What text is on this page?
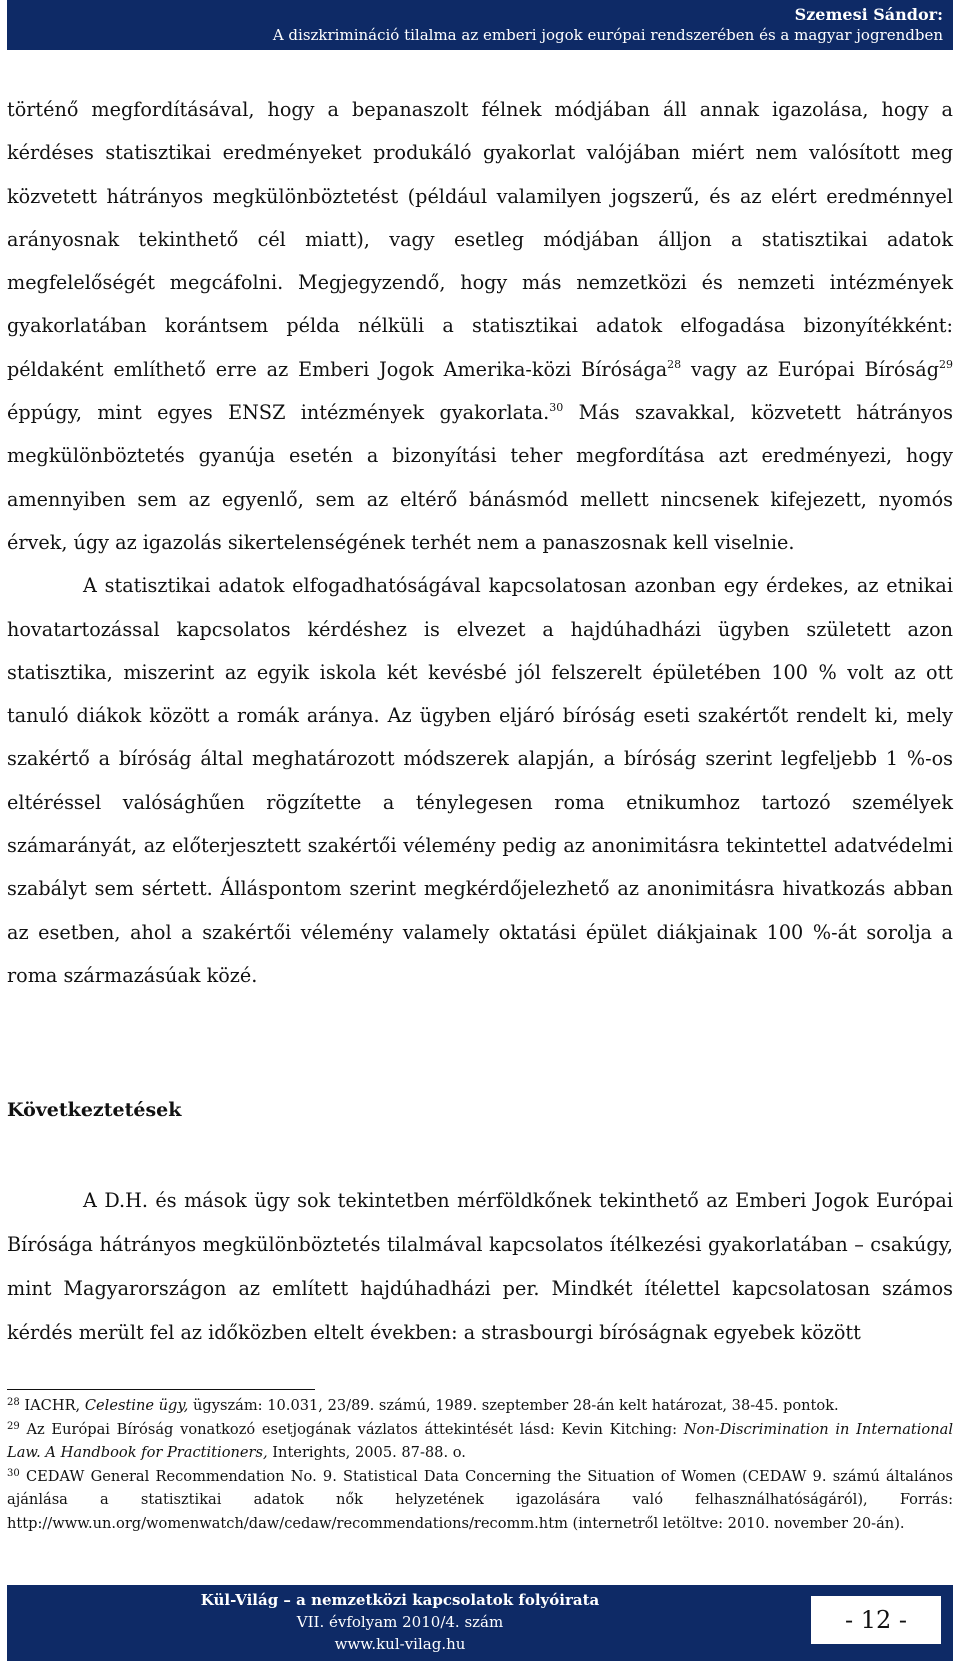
Szemesi Sándor:
A diszkrimináció tilalma az emberi jogok európai rendszerében és a magyar jogrendben

történő megfordításával, hogy a bepanaszolt félnek módjában áll annak igazolása, hogy a kérdéses statisztikai eredményeket produkáló gyakorlat valójában miért nem valósított meg közvetett hátrányos megkülönböztetést (például valamilyen jogszerű, és az elért eredménnyel arányosnak tekinthető cél miatt), vagy esetleg módjában álljon a statisztikai adatok megfelelőségét megcáfolni. Megjegyzendő, hogy más nemzetközi és nemzeti intézmények gyakorlatában korántsem példa nélküli a statisztikai adatok elfogadása bizonyítékként: példaként említhető erre az Emberi Jogok Amerika-közi Bírósága$^{28}$ vagy az Európai Bíróság$^{29}$ éppúgy, mint egyes ENSZ intézmények gyakorlata.$^{30}$ Más szavakkal, közvetett hátrányos megkülönböztetés gyanúja esetén a bizonyítási teher megfordítása azt eredményezi, hogy amennyiben sem az egyenlő, sem az eltérő bánásmód mellett nincsenek kifejezett, nyomós érvek, úgy az igazolás sikertelenségének terhét nem a panaszosnak kell viselnie.

A statisztikai adatok elfogadhatóságával kapcsolatosan azonban egy érdekes, az etnikai hovatartozással kapcsolatos kérdéshez is elvezet a hajdúhadházi ügyben született azon statisztika, miszerint az egyik iskola két kevésbé jól felszerelt épületében 100 % volt az ott tanuló diákok között a romák aránya. Az ügyben eljáró bíróság eseti szakértőt rendelt ki, mely szakértő a bíróság által meghatározott módszerek alapján, a bíróság szerint legfeljebb 1 %-os eltéréssel valósághűen rögzítette a ténylegesen roma etnikumhoz tartozó személyek számarányát, az előterjesztett szakértői vélemény pedig az anonimitásra tekintettel adatvédelmi szabályt sem sértett. Álláspontom szerint megkérdőjelezhető az anonimitásra hivatkozás abban az esetben, ahol a szakértői vélemény valamely oktatási épület diákjainak 100 %-át sorolja a roma származásúak közé.

Következtetések

A D.H. és mások ügy sok tekintetben mérföldkőnek tekinthető az Emberi Jogok Európai Bírósága hátrányos megkülönböztetés tilalmával kapcsolatos ítélkezési gyakorlatában – csakúgy, mint Magyarországon az említett hajdúhadházi per. Mindkét ítélettel kapcsolatosan számos kérdés merült fel az időközben eltelt években: a strasbourgi bíróságnak egyebek között

$^{28}$ IACHR, Celestine ügy, ügyszám: 10.031, 23/89. számú, 1989. szeptember 28-án kelt határozat, 38-45. pontok.

$^{29}$ Az Európai Bíróság vonatkozó esetjogának vázlatos áttekintését lásd: Kevin Kitching: Non-Discrimination in International Law. A Handbook for Practitioners, Interights, 2005. 87-88. o.

$^{30}$ CEDAW General Recommendation No. 9. Statistical Data Concerning the Situation of Women (CEDAW 9. számú általános ajánlása a statisztikai adatok nők helyzetének igazolására való felhasználhatóságáról), Forrás: http://www.un.org/womenwatch/daw/cedaw/recommendations/recomm.htm (internetről letöltve: 2010. november 20-án).

Kül-Világ – a nemzetközi kapcsolatok folyóirata
VII. évfolyam 2010/4. szám
www.kul-vilag.hu
- 12 -
